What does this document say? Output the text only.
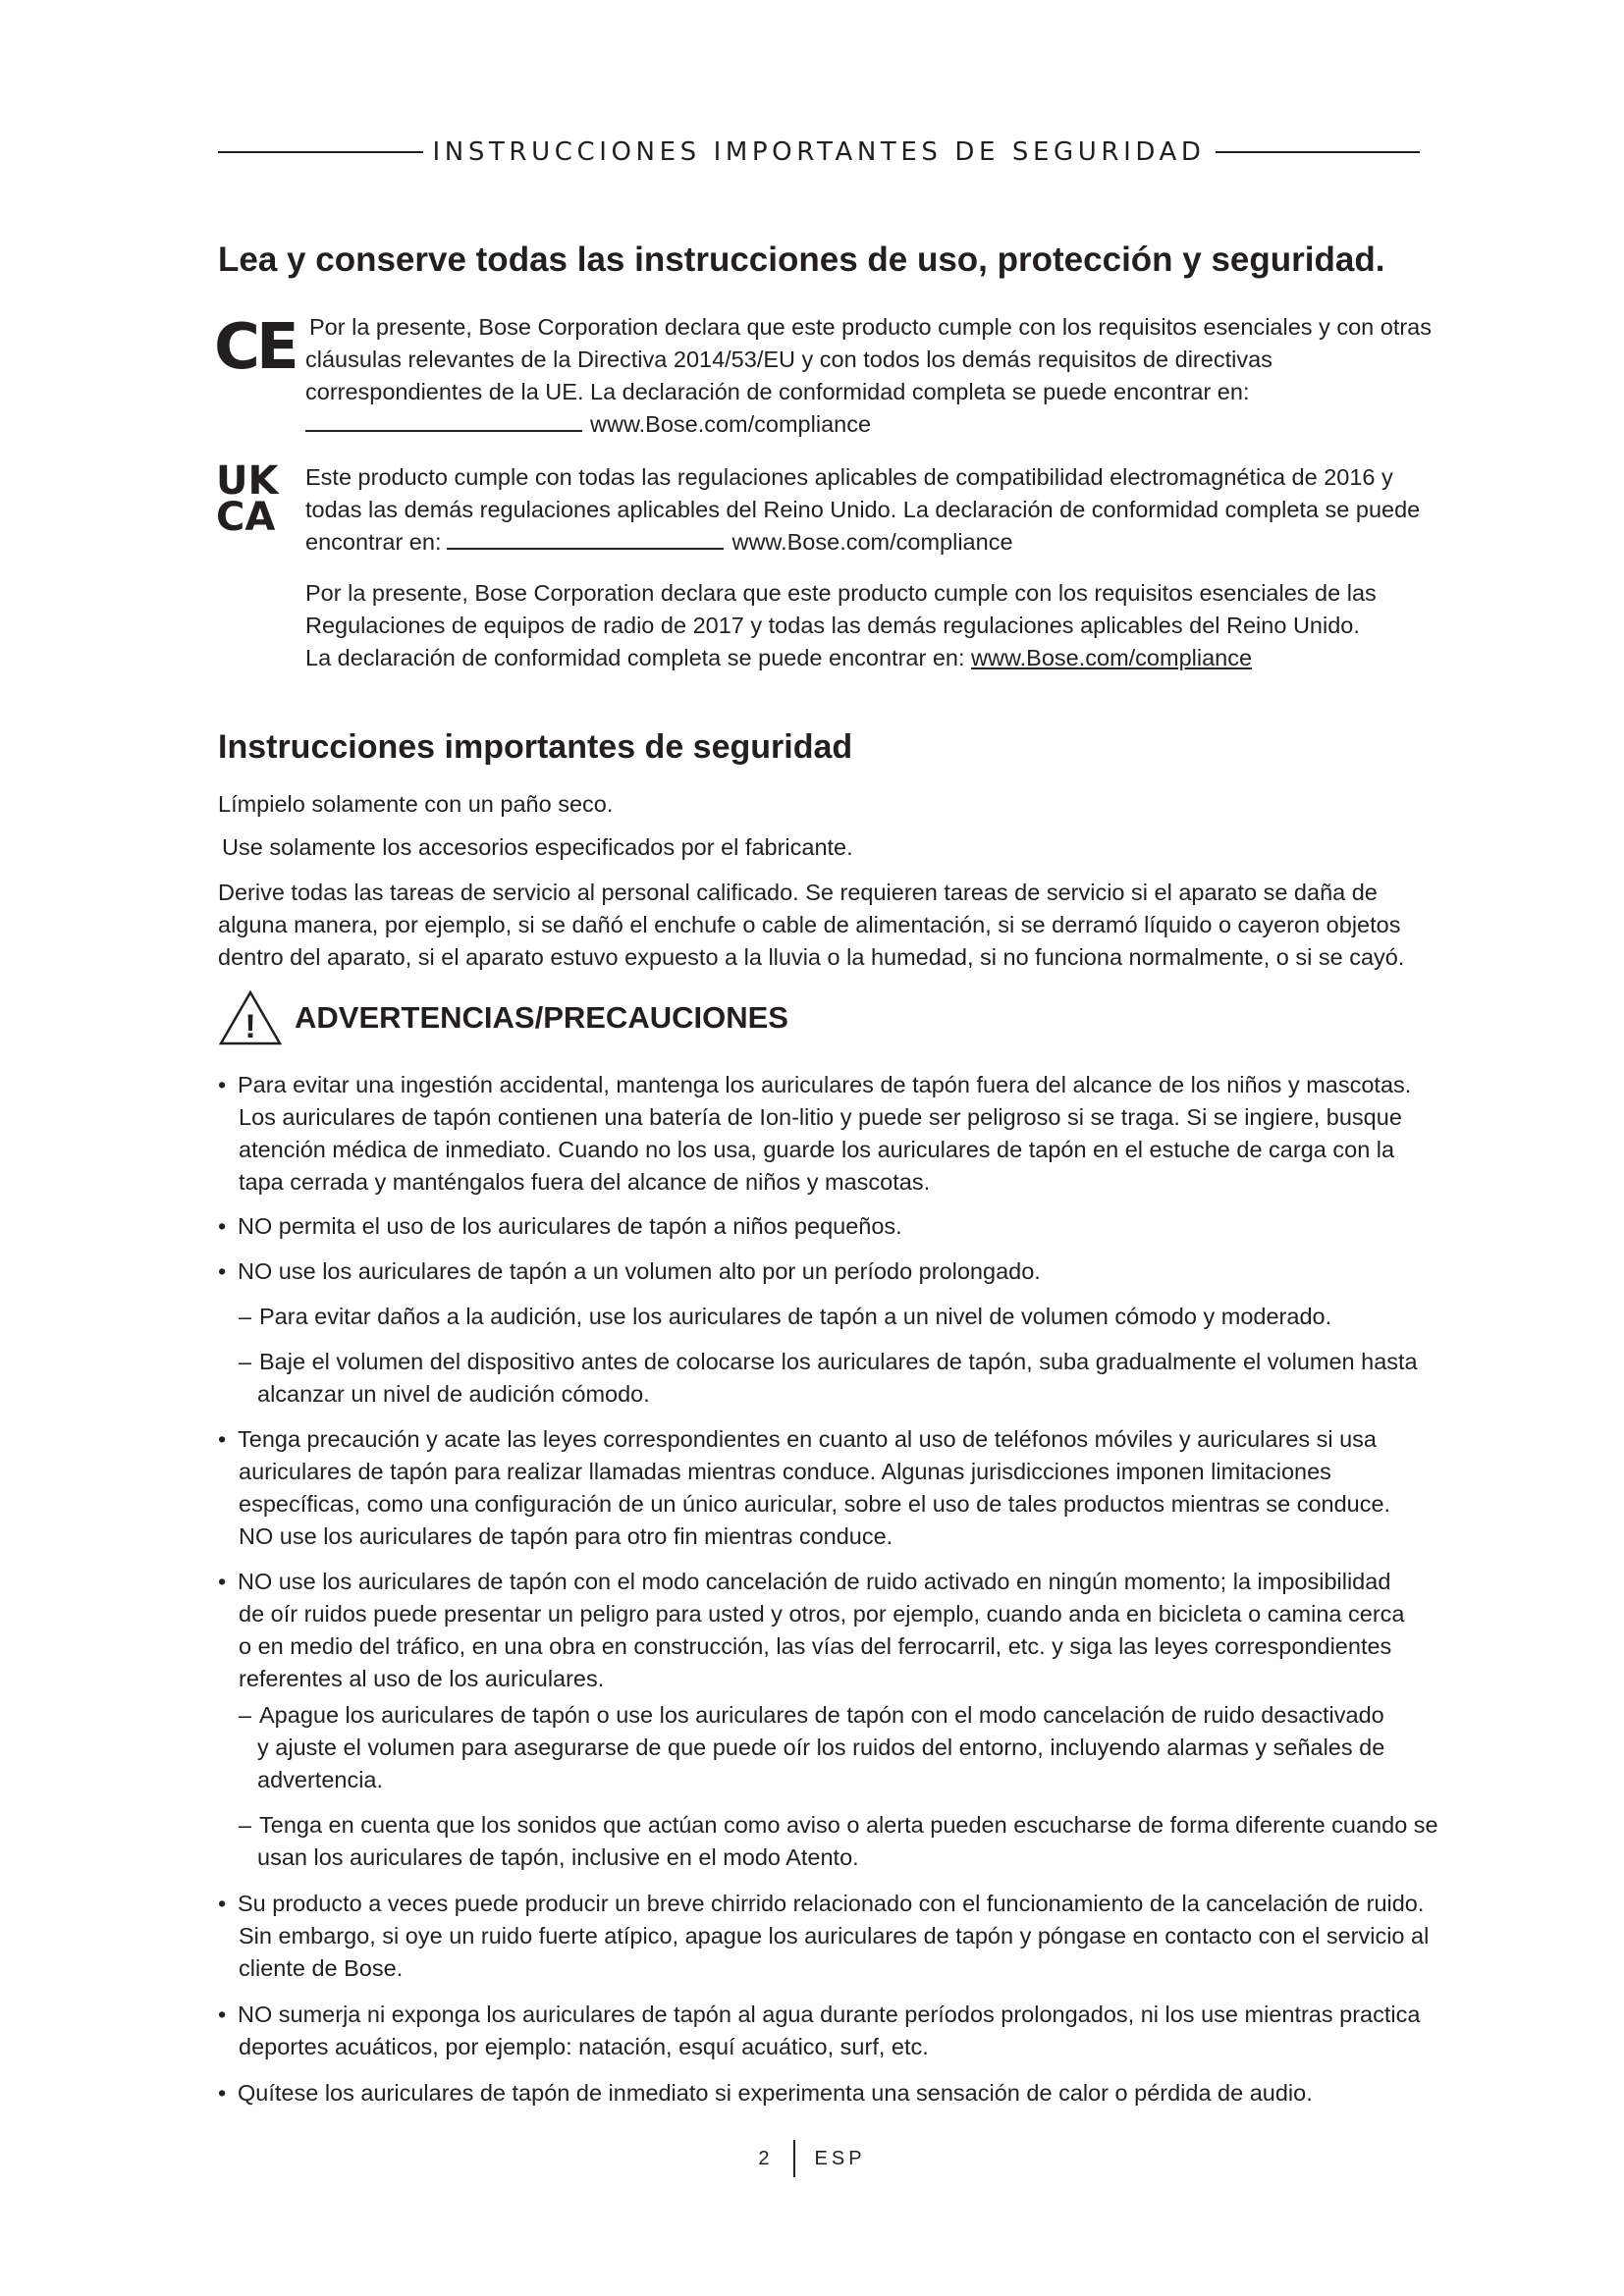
INSTRUCCIONES IMPORTANTES DE SEGURIDAD
Lea y conserve todas las instrucciones de uso, protección y seguridad.
CE Por la presente, Bose Corporation declara que este producto cumple con los requisitos esenciales y con otras
cláusulas relevantes de la Directiva 2014/53/EU y con todos los demás requisitos de directivas
correspondientes de la UE. La declaración de conformidad completa se puede encontrar en:
www.Bose.com/compliance
UK
CA
Este producto cumple con todas las regulaciones aplicables de compatibilidad electromagnética de 2016 y
todas las demás regulaciones aplicables del Reino Unido. La declaración de conformidad completa se puede
encontrar en:	www.Bose.com/compliance
Por la presente, Bose Corporation declara que este producto cumple con los requisitos esenciales de las
Regulaciones de equipos de radio de 2017 y todas las demás regulaciones aplicables del Reino Unido.
La declaración de conformidad completa se puede encontrar en: www.Bose.com/compliance
Instrucciones importantes de seguridad
Límpielo solamente con un paño seco.
Use solamente los accesorios especificados por el fabricante.
Derive todas las tareas de servicio al personal calificado. Se requieren tareas de servicio si el aparato se daña de
alguna manera, por ejemplo, si se dañó el enchufe o cable de alimentación, si se derramó líquido o cayeron objetos
dentro del aparato, si el aparato estuvo expuesto a la lluvia o la humedad, si no funciona normalmente, o si se cayó.
! ADVERTENCIAS/PRECAUCIONES
• Para evitar una ingestión accidental, mantenga los auriculares de tapón fuera del alcance de los niños y mascotas.
Los auriculares de tapón contienen una batería de Ion-litio y puede ser peligroso si se traga. Si se ingiere, busque
atención médica de inmediato. Cuando no los usa, guarde los auriculares de tapón en el estuche de carga con la
tapa cerrada y manténgalos fuera del alcance de niños y mascotas.
• NO permita el uso de los auriculares de tapón a niños pequeños.
• NO use los auriculares de tapón a un volumen alto por un período prolongado.
– Para evitar daños a la audición, use los auriculares de tapón a un nivel de volumen cómodo y moderado.
– Baje el volumen del dispositivo antes de colocarse los auriculares de tapón, suba gradualmente el volumen hasta
alcanzar un nivel de audición cómodo.
• Tenga precaución y acate las leyes correspondientes en cuanto al uso de teléfonos móviles y auriculares si usa
auriculares de tapón para realizar llamadas mientras conduce. Algunas jurisdicciones imponen limitaciones
específicas, como una configuración de un único auricular, sobre el uso de tales productos mientras se conduce.
NO use los auriculares de tapón para otro fin mientras conduce.
• NO use los auriculares de tapón con el modo cancelación de ruido activado en ningún momento; la imposibilidad
de oír ruidos puede presentar un peligro para usted y otros, por ejemplo, cuando anda en bicicleta o camina cerca
o en medio del tráfico, en una obra en construcción, las vías del ferrocarril, etc. y siga las leyes correspondientes
referentes al uso de los auriculares.
– Apague los auriculares de tapón o use los auriculares de tapón con el modo cancelación de ruido desactivado
y ajuste el volumen para asegurarse de que puede oír los ruidos del entorno, incluyendo alarmas y señales de
advertencia.
– Tenga en cuenta que los sonidos que actúan como aviso o alerta pueden escucharse de forma diferente cuando se
usan los auriculares de tapón, inclusive en el modo Atento.
• Su producto a veces puede producir un breve chirrido relacionado con el funcionamiento de la cancelación de ruido.
Sin embargo, si oye un ruido fuerte atípico, apague los auriculares de tapón y póngase en contacto con el servicio al
cliente de Bose.
• NO sumerja ni exponga los auriculares de tapón al agua durante períodos prolongados, ni los use mientras practica
deportes acuáticos, por ejemplo: natación, esquí acuático, surf, etc.
• Quítese los auriculares de tapón de inmediato si experimenta una sensación de calor o pérdida de audio.
2 ESP
